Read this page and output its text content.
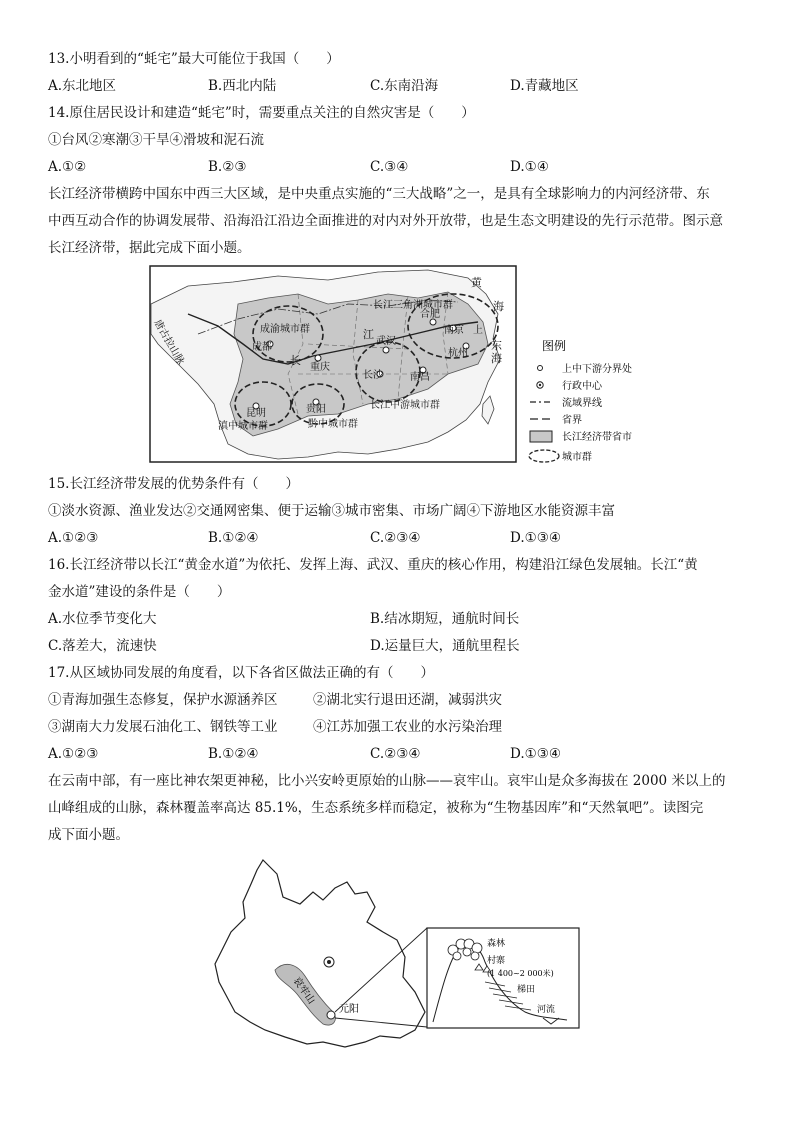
13.小明看到的“蚝宅”最大可能位于我国（　　）
A.东北地区	B.西北内陆	C.东南沿海	D.青藏地区
14.原住居民设计和建造“蚝宅”时，需要重点关注的自然灾害是（　　）
①台风②寒潮③干旱④滑坡和泥石流
A.①②	B.②③	C.③④	D.①④
长江经济带横跨中国东中西三大区域，是中央重点实施的“三大战略”之一，是具有全球影响力的内河经济带、东
中西互动合作的协调发展带、沿海沿江沿边全面推进的对内对外开放带，也是生态文明建设的先行示范带。图示意
长江经济带，据此完成下面小题。
黄
海
东
海
唐古拉山脉
长江三角洲城市群
成渝城市群
成都
江
长
武汉
合肥
南京 上
杭州
长沙	南昌
重庆
昆明	贵阳	长江中游城市群
滇中城市群	黔中城市群
图例
上中下游分界处
行政中心
流域界线
省界
长江经济带省市
城市群
15.长江经济带发展的优势条件有（　　）
①淡水资源、渔业发达②交通网密集、便于运输③城市密集、市场广阔④下游地区水能资源丰富
A.①②③	B.①②④	C.②③④	D.①③④
16.长江经济带以长江“黄金水道”为依托、发挥上海、武汉、重庆的核心作用，构建沿江绿色发展轴。长江“黄
金水道”建设的条件是（　　）
A.水位季节变化大	B.结冰期短，通航时间长
C.落差大，流速快	D.运量巨大，通航里程长
17.从区域协同发展的角度看，以下各省区做法正确的有（　　）
①青海加强生态修复，保护水源涵养区	②湖北实行退田还湖，减弱洪灾
③湖南大力发展石油化工、钢铁等工业	④江苏加强工农业的水污染治理
A.①②③	B.①②④	C.②③④	D.①③④
在云南中部，有一座比神农架更神秘，比小兴安岭更原始的山脉——哀牢山。哀牢山是众多海拔在 2000 米以上的
山峰组成的山脉，森林覆盖率高达 85.1%，生态系统多样而稳定，被称为“生物基因库”和“天然氧吧”。读图完
成下面小题。
哀牢山
元阳
森林
村寨
(1 400~2 000米)
梯田
河流
